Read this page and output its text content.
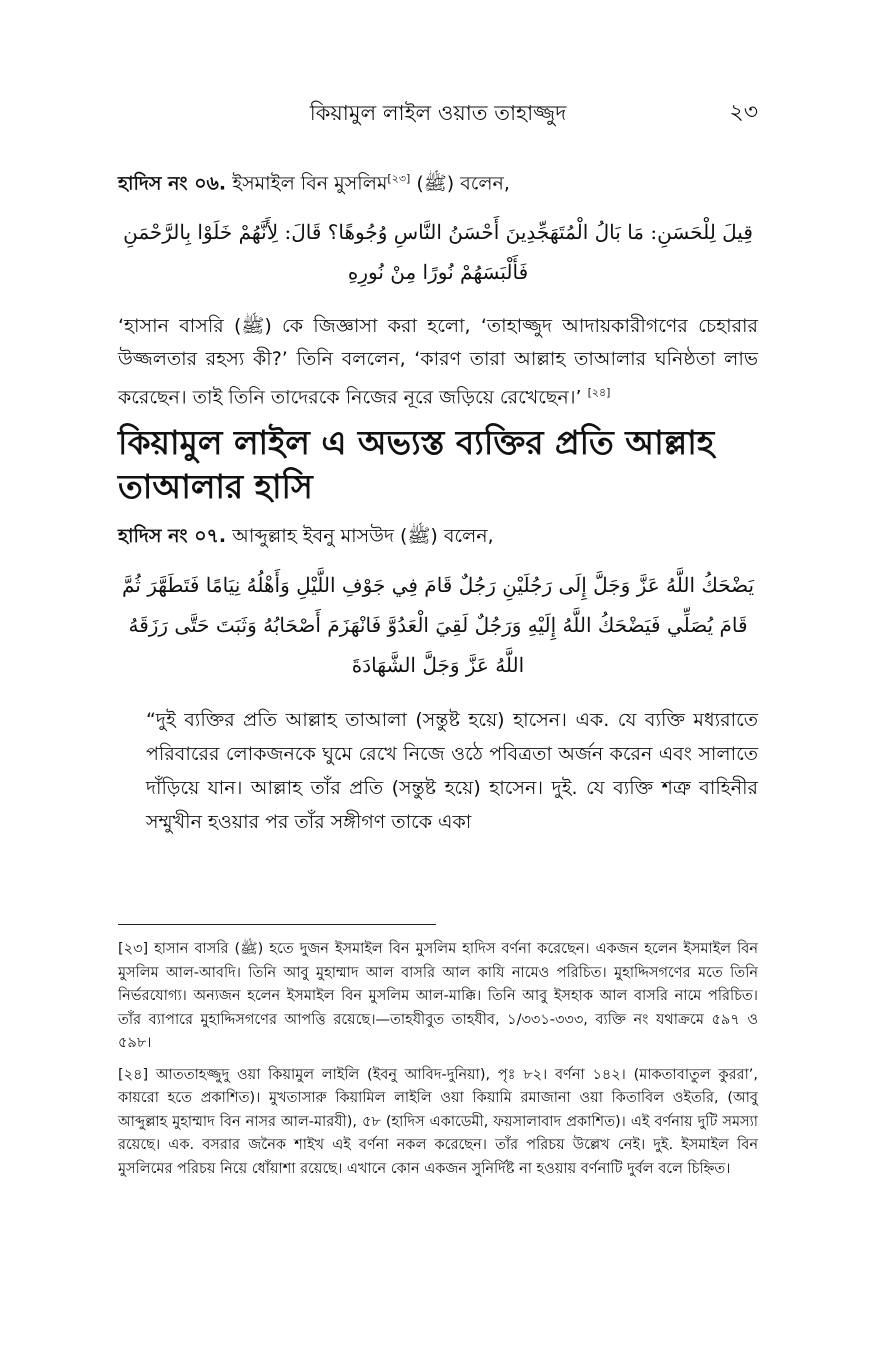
কিয়ামুল লাইল ওয়াত তাহাজ্জুদ	২৩

হাদিস নং ০৬. ইসমাইল বিন মুসলিম[২৩] (ﷺ) বলেন,

قِيلَ لِلْحَسَنِ: مَا بَالُ الْمُتَهَجِّدِينَ أَحْسَنُ النَّاسِ وُجُوهًا؟ قَالَ: لِأَنَّهُمْ خَلَوْا بِالرَّحْمَنِ
فَأَلْبَسَهُمْ نُورًا مِنْ نُورِهِ

‘হাসান বাসরি (ﷺ) কে জিজ্ঞাসা করা হলো, ‘তাহাজ্জুদ আদায়কারীগণের চেহারার উজ্জলতার রহস্য কী?’ তিনি বললেন, ‘কারণ তারা আল্লাহ তাআলার ঘনিষ্ঠতা লাভ করেছেন। তাই তিনি তাদেরকে নিজের নূরে জড়িয়ে রেখেছেন।’ [২৪]

কিয়ামুল লাইল এ অভ্যস্ত ব্যক্তির প্রতি আল্লাহ তাআলার হাসি

হাদিস নং ০৭. আব্দুল্লাহ ইবনু মাসউদ (ﷺ) বলেন,

يَضْحَكُ اللَّهُ عَزَّ وَجَلَّ إِلَى رَجُلَيْنِ رَجُلٌ قَامَ فِي جَوْفِ اللَّيْلِ وَأَهْلُهُ نِيَامًا فَتَطَهَّرَ ثُمَّ
قَامَ يُصَلِّي فَيَضْحَكُ اللَّهُ إِلَيْهِ وَرَجُلٌ لَقِيَ الْعَدُوَّ فَانْهَزَمَ أَصْحَابُهُ وَثَبَتَ حَتَّى رَزَقَهُ
اللَّهُ عَزَّ وَجَلَّ الشَّهَادَةَ

“দুই ব্যক্তির প্রতি আল্লাহ তাআলা (সন্তুষ্ট হয়ে) হাসেন। এক. যে ব্যক্তি মধ্যরাতে পরিবারের লোকজনকে ঘুমে রেখে নিজে ওঠে পবিত্রতা অর্জন করেন এবং সালাতে দাঁড়িয়ে যান। আল্লাহ তাঁর প্রতি (সন্তুষ্ট হয়ে) হাসেন। দুই. যে ব্যক্তি শত্রু বাহিনীর সম্মুখীন হওয়ার পর তাঁর সঙ্গীগণ তাকে একা

[২৩] হাসান বাসরি (ﷺ) হতে দুজন ইসমাইল বিন মুসলিম হাদিস বর্ণনা করেছেন। একজন হলেন ইসমাইল বিন মুসলিম আল-আবদি। তিনি আবু মুহাম্মাদ আল বাসরি আল কাযি নামেও পরিচিত। মুহাদ্দিসগণের মতে তিনি নির্ভরযোগ্য। অন্যজন হলেন ইসমাইল বিন মুসলিম আল-মাক্কি। তিনি আবু ইসহাক আল বাসরি নামে পরিচিত। তাঁর ব্যাপারে মুহাদ্দিসগণের আপত্তি রয়েছে।—তাহযীবুত তাহযীব, ১/৩৩১-৩৩৩, ব্যক্তি নং যথাক্রমে ৫৯৭ ও ৫৯৮।

[২৪] আততাহজ্জুদু ওয়া কিয়ামুল লাইলি (ইবনু আবিদ-দুনিয়া), পৃঃ ৮২। বর্ণনা ১৪২। (মাকতাবাতুল কুররা’, কায়রো হতে প্রকাশিত)। মুখতাসারু কিয়ামিল লাইলি ওয়া কিয়ামি রমাজানা ওয়া কিতাবিল ওইতরি, (আবু আব্দুল্লাহ মুহাম্মাদ বিন নাসর আল-মারযী), ৫৮ (হাদিস একাডেমী, ফয়সালাবাদ প্রকাশিত)। এই বর্ণনায় দুটি সমস্যা রয়েছে। এক. বসরার জনৈক শাইখ এই বর্ণনা নকল করেছেন। তাঁর পরিচয় উল্লেখ নেই। দুই. ইসমাইল বিন মুসলিমের পরিচয় নিয়ে ধোঁয়াশা রয়েছে। এখানে কোন একজন সুনির্দিষ্ট না হওয়ায় বর্ণনাটি দুর্বল বলে চিহ্নিত।
